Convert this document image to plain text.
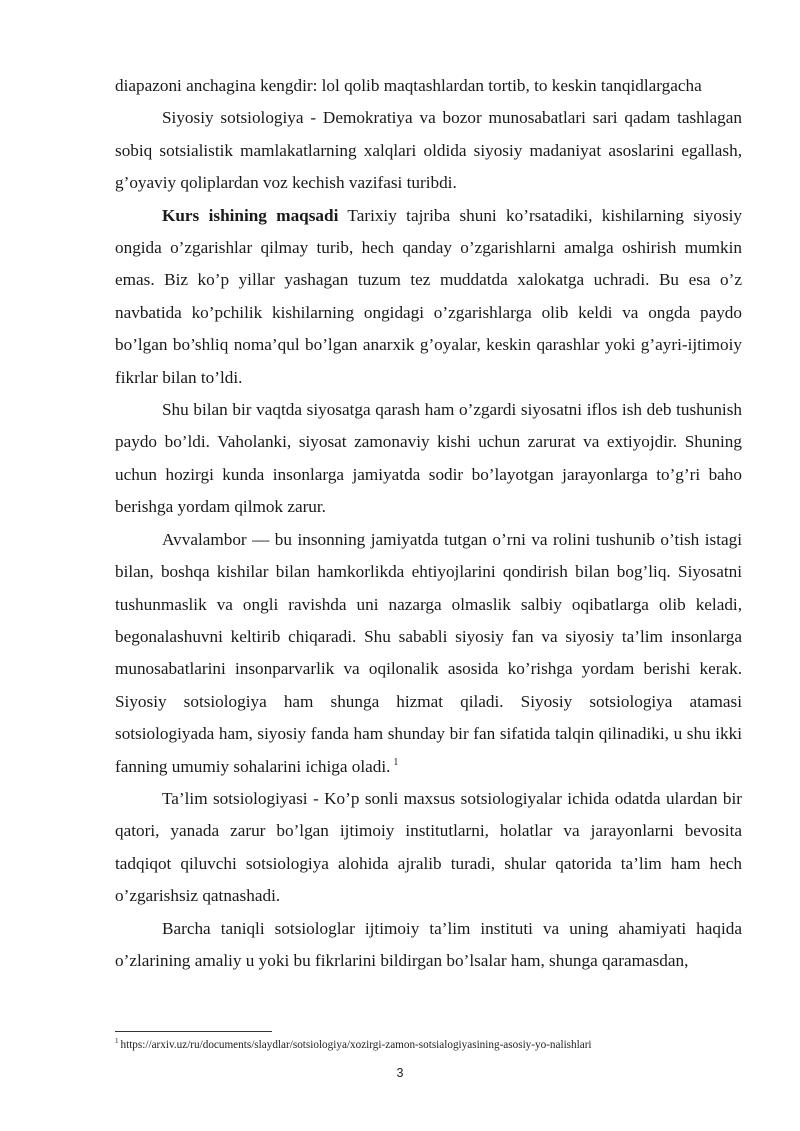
diapazoni anchagina kengdir: lol qolib maqtashlardan tortib, to keskin tanqidlargacha

Siyosiy sotsiologiya - Demokratiya va bozor munosabatlari sari qadam tashlagan sobiq sotsialistik mamlakatlarning xalqlari oldida siyosiy madaniyat asoslarini egallash, g’oyaviy qoliplardan voz kechish vazifasi turibdi.

Kurs ishining maqsadi Tarixiy tajriba shuni ko’rsatadiki, kishilarning siyosiy ongida o’zgarishlar qilmay turib, hech qanday o’zgarishlarni amalga oshirish mumkin emas. Biz ko’p yillar yashagan tuzum tez muddatda xalokatga uchradi. Bu esa o’z navbatida ko’pchilik kishilarning ongidagi o’zgarishlarga olib keldi va ongda paydo bo’lgan bo’shliq noma’qul bo’lgan anarxik g’oyalar, keskin qarashlar yoki g’ayri-ijtimoiy fikrlar bilan to’ldi.

Shu bilan bir vaqtda siyosatga qarash ham o’zgardi siyosatni iflos ish deb tushunish paydo bo’ldi. Vaholanki, siyosat zamonaviy kishi uchun zarurat va extiyojdir. Shuning uchun hozirgi kunda insonlarga jamiyatda sodir bo’layotgan jarayonlarga to’g’ri baho berishga yordam qilmok zarur.

Avvalambor — bu insonning jamiyatda tutgan o’rni va rolini tushunib o’tish istagi bilan, boshqa kishilar bilan hamkorlikda ehtiyojlarini qondirish bilan bog’liq. Siyosatni tushunmaslik va ongli ravishda uni nazarga olmaslik salbiy oqibatlarga olib keladi, begonalashuvni keltirib chiqaradi. Shu sababli siyosiy fan va siyosiy ta’lim insonlarga munosabatlarini insonparvarlik va oqilonalik asosida ko’rishga yordam berishi kerak. Siyosiy sotsiologiya ham shunga hizmat qiladi. Siyosiy sotsiologiya atamasi sotsiologiyada ham, siyosiy fanda ham shunday bir fan sifatida talqin qilinadiki, u shu ikki fanning umumiy sohalarini ichiga oladi. $^1$

Ta’lim sotsiologiyasi - Ko’p sonli maxsus sotsiologiyalar ichida odatda ulardan bir qatori, yanada zarur bo’lgan ijtimoiy institutlarni, holatlar va jarayonlarni bevosita tadqiqot qiluvchi sotsiologiya alohida ajralib turadi, shular qatorida ta’lim ham hech o’zgarishsiz qatnashadi.

Barcha taniqli sotsiologlar ijtimoiy ta’lim instituti va uning ahamiyati haqida o’zlarining amaliy u yoki bu fikrlarini bildirgan bo’lsalar ham, shunga qaramasdan,

$^1$ https://arxiv.uz/ru/documents/slaydlar/sotsiologiya/xozirgi-zamon-sotsialogiyasining-asosiy-yo-nalishlari
3
